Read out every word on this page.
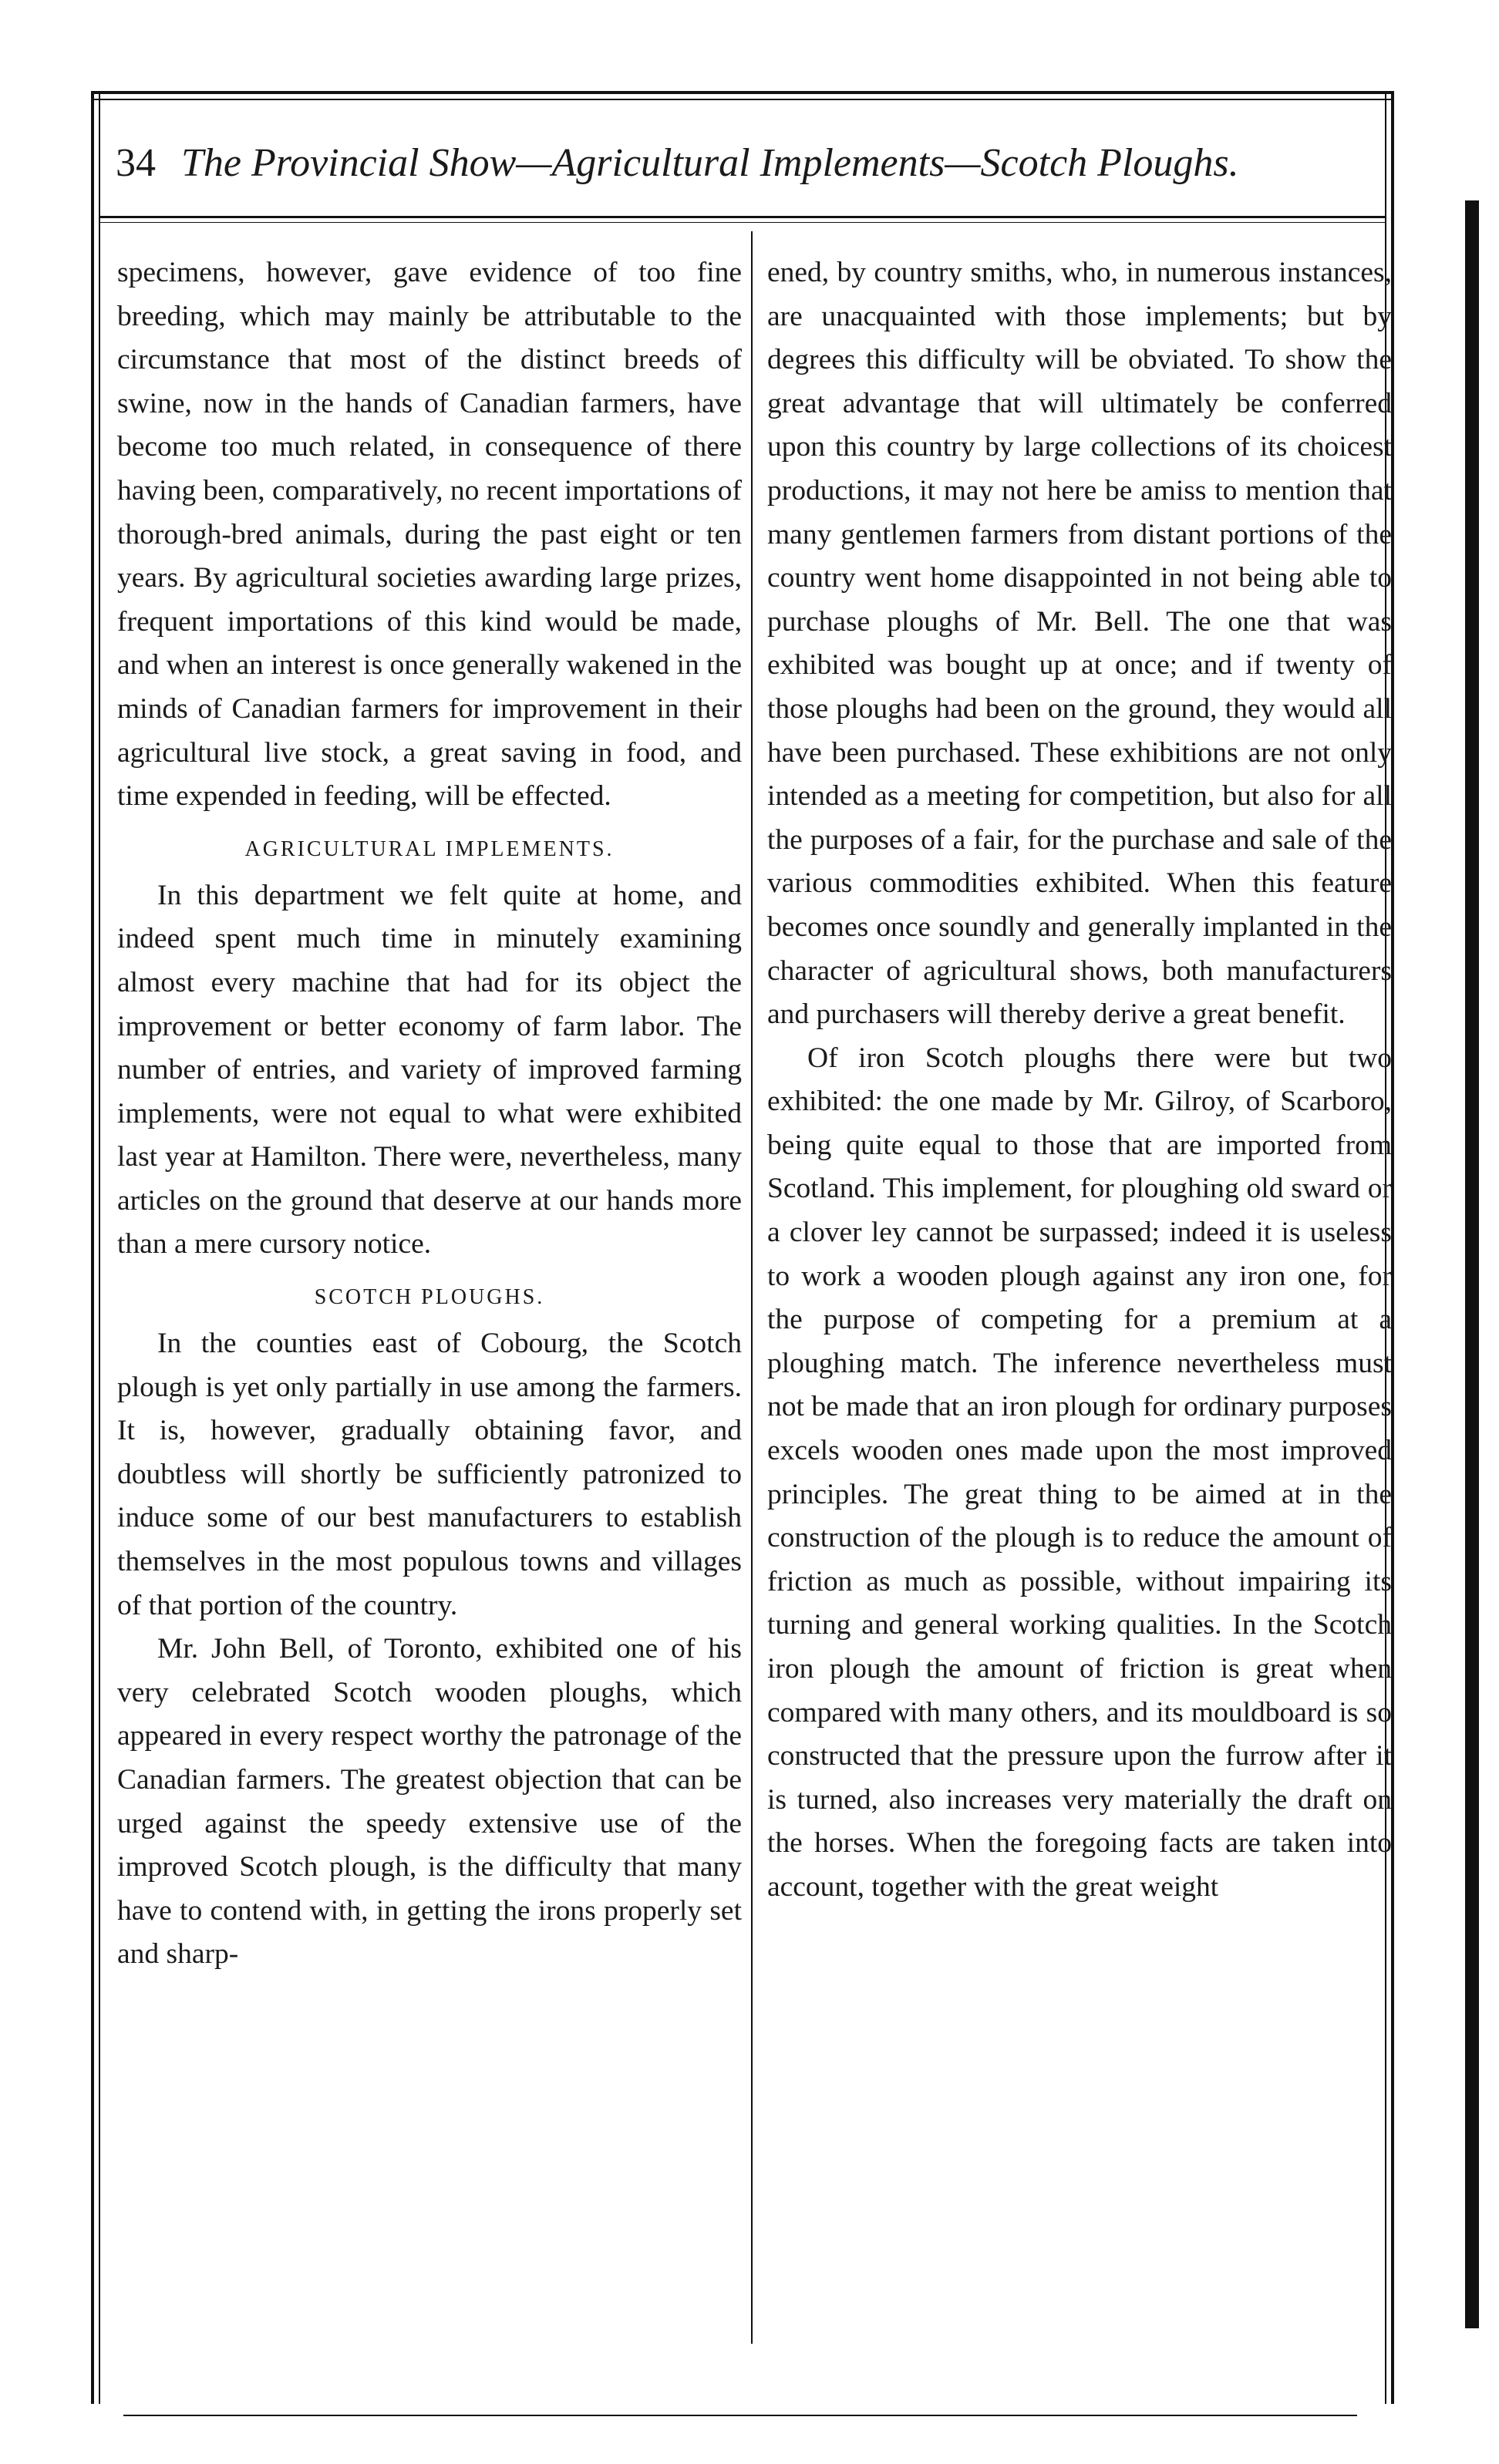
34 The Provincial Show—Agricultural Implements—Scotch Ploughs.

specimens, however, gave evidence of too fine breeding, which may mainly be attributable to the circumstance that most of the distinct breeds of swine, now in the hands of Canadian farmers, have become too much related, in consequence of there having been, comparatively, no recent importations of thorough-bred animals, during the past eight or ten years. By agricultural societies awarding large prizes, frequent importations of this kind would be made, and when an interest is once generally wakened in the minds of Canadian farmers for improvement in their agricultural live stock, a great saving in food, and time expended in feeding, will be effected.

AGRICULTURAL IMPLEMENTS.

In this department we felt quite at home, and indeed spent much time in minutely examining almost every machine that had for its object the improvement or better economy of farm labor. The number of entries, and variety of improved farming implements, were not equal to what were exhibited last year at Hamilton. There were, nevertheless, many articles on the ground that deserve at our hands more than a mere cursory notice.

SCOTCH PLOUGHS.

In the counties east of Cobourg, the Scotch plough is yet only partially in use among the farmers. It is, however, gradually obtaining favor, and doubtless will shortly be sufficiently patronized to induce some of our best manufacturers to establish themselves in the most populous towns and villages of that portion of the country.

Mr. John Bell, of Toronto, exhibited one of his very celebrated Scotch wooden ploughs, which appeared in every respect worthy the patronage of the Canadian farmers. The greatest objection that can be urged against the speedy extensive use of the improved Scotch plough, is the difficulty that many have to contend with, in getting the irons properly set and sharp-

ened, by country smiths, who, in numerous instances, are unacquainted with those implements; but by degrees this difficulty will be obviated. To show the great advantage that will ultimately be conferred upon this country by large collections of its choicest productions, it may not here be amiss to mention that many gentlemen farmers from distant portions of the country went home disappointed in not being able to purchase ploughs of Mr. Bell. The one that was exhibited was bought up at once; and if twenty of those ploughs had been on the ground, they would all have been purchased. These exhibitions are not only intended as a meeting for competition, but also for all the purposes of a fair, for the purchase and sale of the various commodities exhibited. When this feature becomes once soundly and generally implanted in the character of agricultural shows, both manufacturers and purchasers will thereby derive a great benefit.

Of iron Scotch ploughs there were but two exhibited: the one made by Mr. Gilroy, of Scarboro, being quite equal to those that are imported from Scotland. This implement, for ploughing old sward or a clover ley cannot be surpassed; indeed it is useless to work a wooden plough against any iron one, for the purpose of competing for a premium at a ploughing match. The inference nevertheless must not be made that an iron plough for ordinary purposes excels wooden ones made upon the most improved principles. The great thing to be aimed at in the construction of the plough is to reduce the amount of friction as much as possible, without impairing its turning and general working qualities. In the Scotch iron plough the amount of friction is great when compared with many others, and its mouldboard is so constructed that the pressure upon the furrow after it is turned, also increases very materially the draft on the horses. When the foregoing facts are taken into account, together with the great weight
